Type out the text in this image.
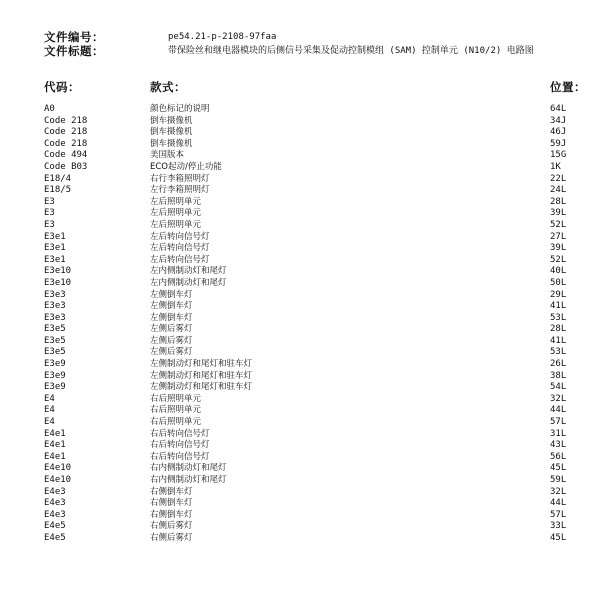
文件编号：	pe54.21-p-2108-97faa
文件标题：	带保险丝和继电器模块的后侧信号采集及促动控制模组 (SAM) 控制单元 (N10/2) 电路图
代码：	款式：	位置：
A0	颜色标记的说明	64L
Code 218	倒车摄像机	34J
Code 218	倒车摄像机	46J
Code 218	倒车摄像机	59J
Code 494	美国版本	15G
Code B03	ECO起动/停止功能	1K
E18/4	右行李箱照明灯	22L
E18/5	左行李箱照明灯	24L
E3	左后照明单元	28L
E3	左后照明单元	39L
E3	左后照明单元	52L
E3e1	左后转向信号灯	27L
E3e1	左后转向信号灯	39L
E3e1	左后转向信号灯	52L
E3e10	左内侧制动灯和尾灯	40L
E3e10	左内侧制动灯和尾灯	50L
E3e3	左侧倒车灯	29L
E3e3	左侧倒车灯	41L
E3e3	左侧倒车灯	53L
E3e5	左侧后雾灯	28L
E3e5	左侧后雾灯	41L
E3e5	左侧后雾灯	53L
E3e9	左侧制动灯和尾灯和驻车灯	26L
E3e9	左侧制动灯和尾灯和驻车灯	38L
E3e9	左侧制动灯和尾灯和驻车灯	54L
E4	右后照明单元	32L
E4	右后照明单元	44L
E4	右后照明单元	57L
E4e1	右后转向信号灯	31L
E4e1	右后转向信号灯	43L
E4e1	右后转向信号灯	56L
E4e10	右内侧制动灯和尾灯	45L
E4e10	右内侧制动灯和尾灯	59L
E4e3	右侧倒车灯	32L
E4e3	右侧倒车灯	44L
E4e3	右侧倒车灯	57L
E4e5	右侧后雾灯	33L
E4e5	右侧后雾灯	45L
